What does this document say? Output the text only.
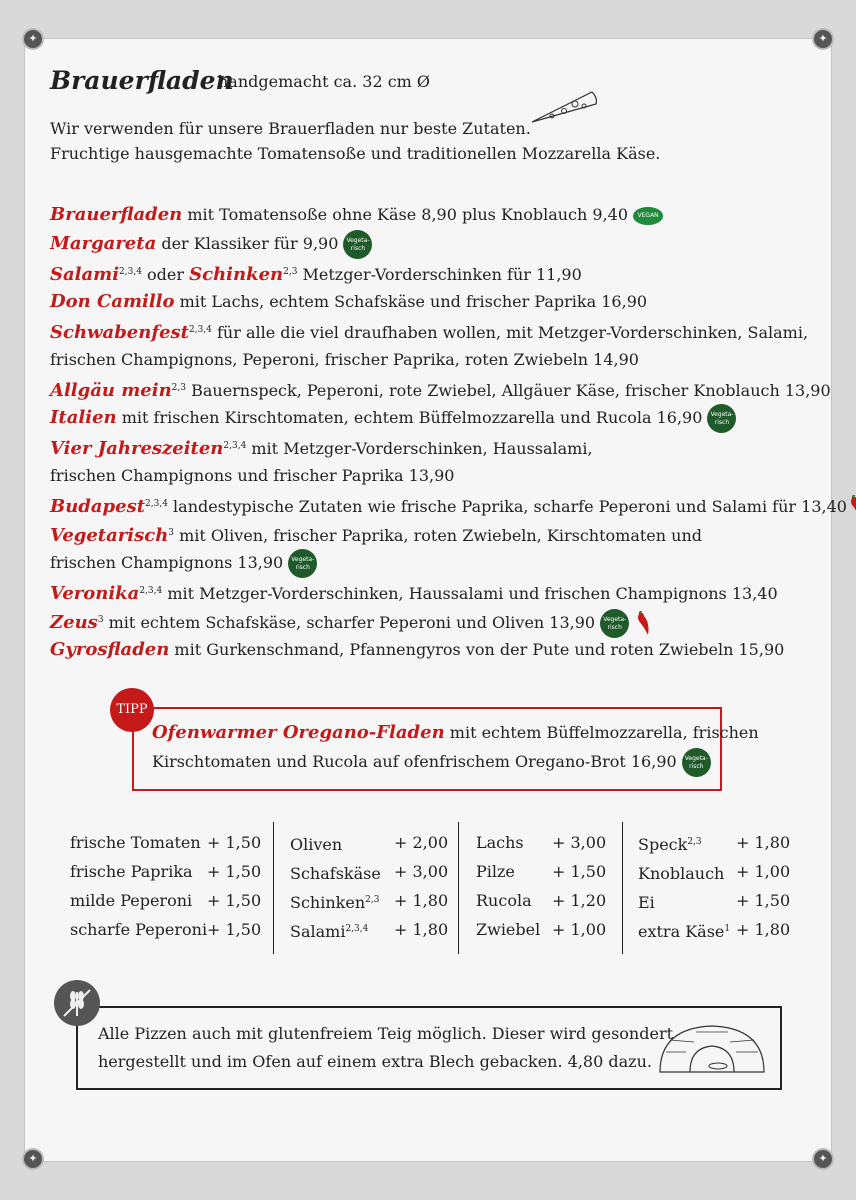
✦	✦
✦	✦
Brauerfladen
handgemacht ca. 32 cm Ø
Wir verwenden für unsere Brauerfladen nur beste Zutaten.
Fruchtige hausgemachte Tomatensoße und traditionellen Mozzarella Käse.
Brauerfladen mit Tomatensoße ohne Käse 8,90 plus Knoblauch 9,40 VEGAN
Margareta der Klassiker für 9,90 Vegeta-
risch
Salami$^{2,3,4}$ oder Schinken$^{2,3}$ Metzger-Vorderschinken für 11,90
Don Camillo mit Lachs, echtem Schafskäse und frischer Paprika 16,90
Schwabenfest$^{2,3,4}$ für alle die viel draufhaben wollen, mit Metzger-Vorderschinken, Salami,
frischen Champignons, Peperoni, frischer Paprika, roten Zwiebeln 14,90
Allgäu mein$^{2,3}$ Bauernspeck, Peperoni, rote Zwiebel, Allgäuer Käse, frischer Knoblauch 13,90
Italien mit frischen Kirschtomaten, echtem Büffelmozzarella und Rucola 16,90 Vegeta-
risch
Vier Jahreszeiten$^{2,3,4}$ mit Metzger-Vorderschinken, Haussalami,
frischen Champignons und frischer Paprika 13,90
Budapest$^{2,3,4}$ landestypische Zutaten wie frische Paprika, scharfe Peperoni und Salami für 13,40
Vegetarisch$^3$ mit Oliven, frischer Paprika, roten Zwiebeln, Kirschtomaten und
frischen Champignons 13,90 Vegeta-
risch
Veronika$^{2,3,4}$ mit Metzger-Vorderschinken, Haussalami und frischen Champignons 13,40
Zeus$^3$ mit echtem Schafskäse, scharfer Peperoni und Oliven 13,90 Vegeta-
risch
Gyrosfladen mit Gurkenschmand, Pfannengyros von der Pute und roten Zwiebeln 15,90
TIPP
Ofenwarmer Oregano-Fladen mit echtem Büffelmozzarella, frischen
Kirschtomaten und Rucola auf ofenfrischem Oregano-Brot 16,90 Vegeta-
risch
frische Tomaten + 1,50
frische Paprika + 1,50
milde Peperoni + 1,50
scharfe Peperoni + 1,50
Oliven	+ 2,00
Schafskäse + 3,00
Schinken$^{2,3}$ + 1,80
Salami$^{2,3,4}$ + 1,80
Lachs + 3,00
Pilze + 1,50
Rucola + 1,20
Zwiebel + 1,00
Speck$^{2,3}$ + 1,80
Knoblauch + 1,00
Ei	+ 1,50
extra Käse$^1$ + 1,80
Alle Pizzen auch mit glutenfreiem Teig möglich. Dieser wird gesondert
hergestellt und im Ofen auf einem extra Blech gebacken. 4,80 dazu.
